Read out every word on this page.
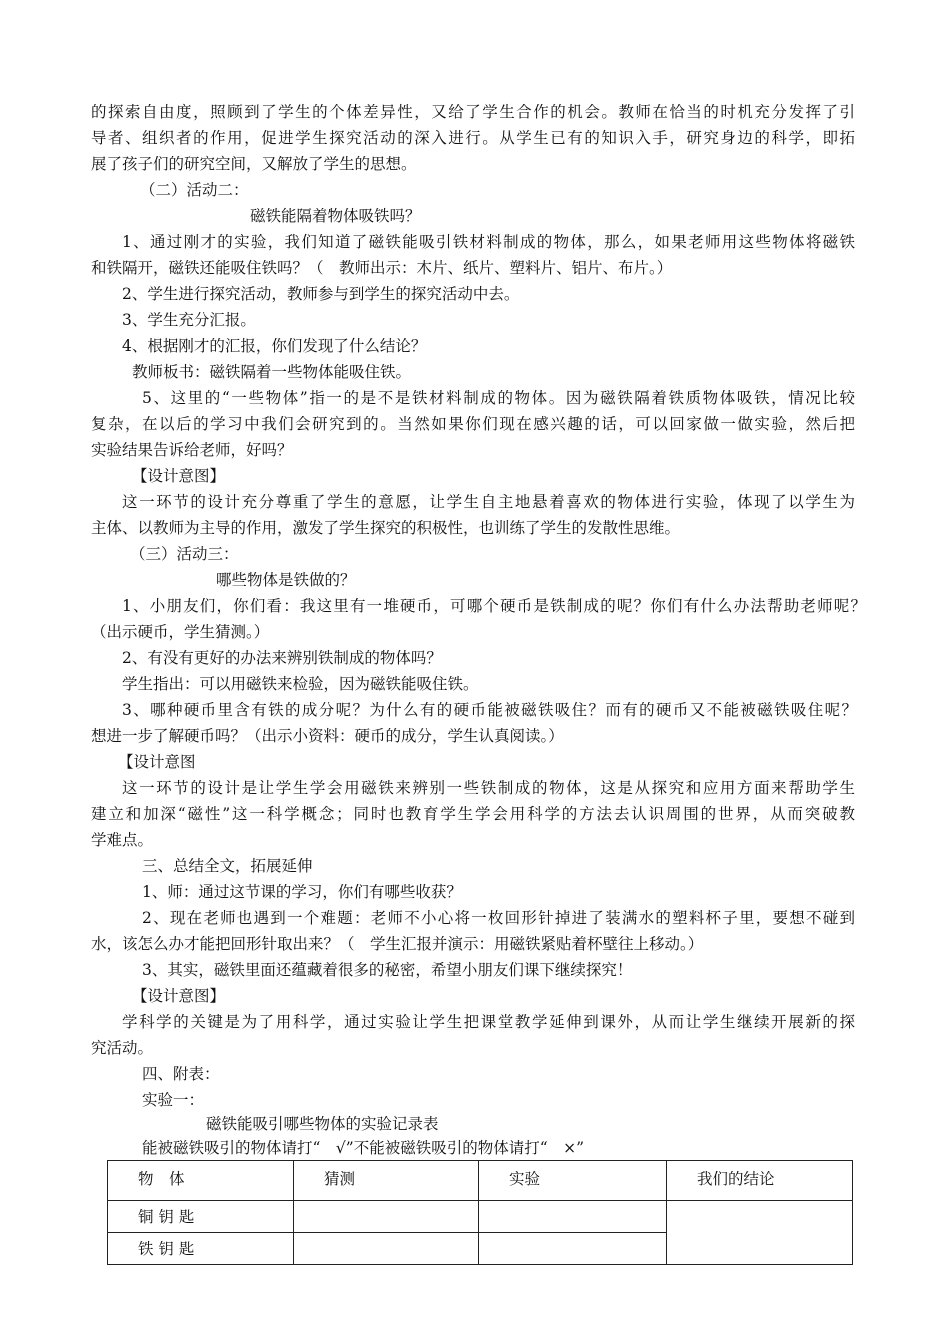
的探索自由度，照顾到了学生的个体差异性，又给了学生合作的机会。教师在恰当的时机充分发挥了引
导者、组织者的作用，促进学生探究活动的深入进行。从学生已有的知识入手，研究身边的科学，即拓
展了孩子们的研究空间，又解放了学生的思想。
（二）活动二：
磁铁能隔着物体吸铁吗？
1、通过刚才的实验，我们知道了磁铁能吸引铁材料制成的物体，那么，如果老师用这些物体将磁铁
和铁隔开，磁铁还能吸住铁吗？（　教师出示：木片、纸片、塑料片、铝片、布片。）
2、学生进行探究活动，教师参与到学生的探究活动中去。
3、学生充分汇报。
4、根据刚才的汇报，你们发现了什么结论？
教师板书：磁铁隔着一些物体能吸住铁。
5、这里的“一些物体”指一的是不是铁材料制成的物体。因为磁铁隔着铁质物体吸铁，情况比较
复杂，在以后的学习中我们会研究到的。当然如果你们现在感兴趣的话，可以回家做一做实验，然后把
实验结果告诉给老师，好吗？
【设计意图】
这一环节的设计充分尊重了学生的意愿，让学生自主地悬着喜欢的物体进行实验，体现了以学生为
主体、以教师为主导的作用，激发了学生探究的积极性，也训练了学生的发散性思维。
（三）活动三：
哪些物体是铁做的？
1、小朋友们，你们看：我这里有一堆硬币，可哪个硬币是铁制成的呢？你们有什么办法帮助老师呢？
（出示硬币，学生猜测。）
2、有没有更好的办法来辨别铁制成的物体吗？
学生指出：可以用磁铁来检验，因为磁铁能吸住铁。
3、哪种硬币里含有铁的成分呢？为什么有的硬币能被磁铁吸住？而有的硬币又不能被磁铁吸住呢？
想进一步了解硬币吗？（出示小资料：硬币的成分，学生认真阅读。）
【设计意图
这一环节的设计是让学生学会用磁铁来辨别一些铁制成的物体，这是从探究和应用方面来帮助学生
建立和加深“磁性”这一科学概念；同时也教育学生学会用科学的方法去认识周围的世界，从而突破教
学难点。
三、总结全文，拓展延伸
1、师：通过这节课的学习，你们有哪些收获？
2、现在老师也遇到一个难题：老师不小心将一枚回形针掉进了装满水的塑料杯子里，要想不碰到
水，该怎么办才能把回形针取出来？（　学生汇报并演示：用磁铁紧贴着杯壁往上移动。）
3、其实，磁铁里面还蕴藏着很多的秘密，希望小朋友们课下继续探究！
【设计意图】
学科学的关键是为了用科学，通过实验让学生把课堂教学延伸到课外，从而让学生继续开展新的探
究活动。
四、附表：
实验一：
磁铁能吸引哪些物体的实验记录表
能被磁铁吸引的物体请打“　√”不能被磁铁吸引的物体请打“　×”
物　体	猜测	实验	我们的结论
铜 钥 匙			
铁 钥 匙			
